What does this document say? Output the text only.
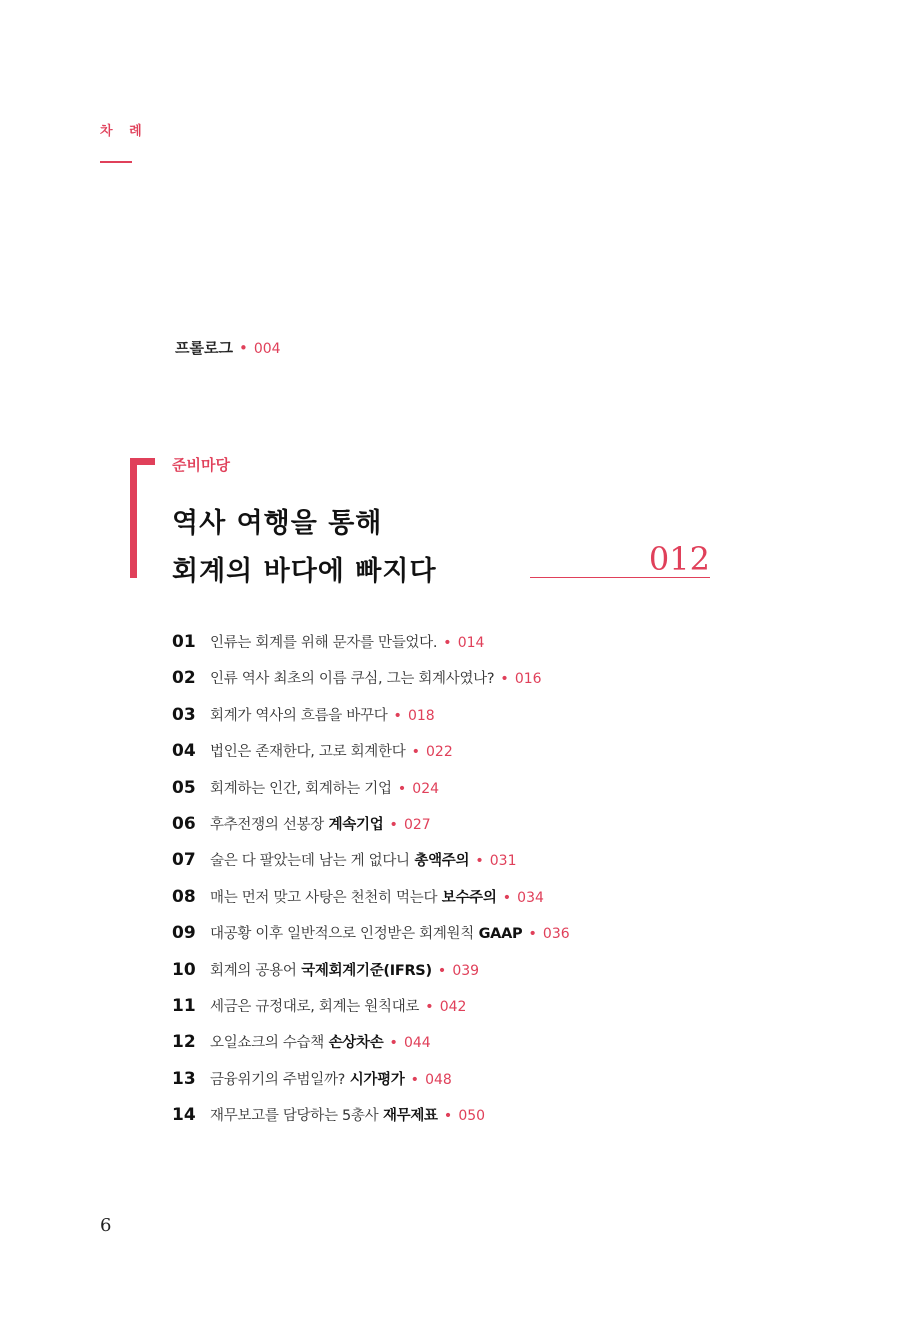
차 례
프롤로그 • 004
준비마당
역사 여행을 통해
회계의 바다에 빠지다	012
01 인류는 회계를 위해 문자를 만들었다. • 014
02 인류 역사 최초의 이름 쿠심, 그는 회계사였나? • 016
03 회계가 역사의 흐름을 바꾸다 • 018
04 법인은 존재한다, 고로 회계한다 • 022
05 회계하는 인간, 회계하는 기업 • 024
06 후추전쟁의 선봉장 계속기업 • 027
07 술은 다 팔았는데 남는 게 없다니 총액주의 • 031
08 매는 먼저 맞고 사탕은 천천히 먹는다 보수주의 • 034
09 대공황 이후 일반적으로 인정받은 회계원칙 GAAP • 036
10 회계의 공용어 국제회계기준(IFRS) • 039
11 세금은 규정대로, 회계는 원칙대로 • 042
12 오일쇼크의 수습책 손상차손 • 044
13 금융위기의 주범일까? 시가평가 • 048
14 재무보고를 담당하는 5총사 재무제표 • 050
6
